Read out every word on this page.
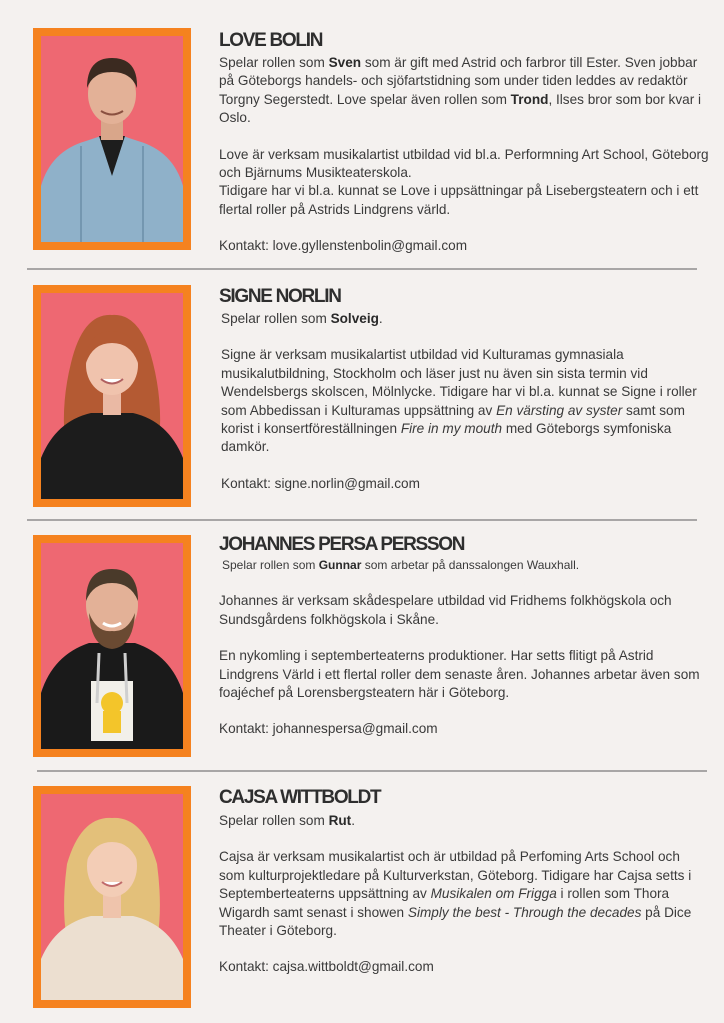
LOVE BOLIN

Spelar rollen som Sven som är gift med Astrid och farbror till Ester. Sven jobbar på Göteborgs handels- och sjöfartstidning som under tiden leddes av redaktör Torgny Segerstedt. Love spelar även rollen som Trond, Ilses bror som bor kvar i Oslo.

Love är verksam musikalartist utbildad vid bl.a. Performning Art School, Göteborg och Bjärnums Musikteaterskola.
Tidigare har vi bl.a. kunnat se Love i uppsättningar på Lisebergsteatern och i ett flertal roller på Astrids Lindgrens värld.

Kontakt: love.gyllenstenbolin@gmail.com

SIGNE NORLIN

Spelar rollen som Solveig.

Signe är verksam musikalartist utbildad vid Kulturamas gymnasiala musikalutbildning, Stockholm och läser just nu även sin sista termin vid Wendelsbergs skolscen, Mölnlycke. Tidigare har vi bl.a. kunnat se Signe i roller som Abbedissan i Kulturamas uppsättning av En värsting av syster samt som korist i konsertföreställningen Fire in my mouth med Göteborgs symfoniska damkör.

Kontakt: signe.norlin@gmail.com

JOHANNES PERSA PERSSON

Spelar rollen som Gunnar som arbetar på danssalongen Wauxhall.

Johannes är verksam skådespelare utbildad vid Fridhems folkhögskola och Sundsgårdens folkhögskola i Skåne.

En nykomling i septemberteaterns produktioner. Har setts flitigt på Astrid Lindgrens Värld i ett flertal roller dem senaste åren. Johannes arbetar även som foajéchef på Lorensbergsteatern här i Göteborg.

Kontakt: johannespersa@gmail.com

CAJSA WITTBOLDT

Spelar rollen som Rut.

Cajsa är verksam musikalartist och är utbildad på Perfoming Arts School och som kulturprojektledare på Kulturverkstan, Göteborg. Tidigare har Cajsa setts i Septemberteaterns uppsättning av Musikalen om Frigga i rollen som Thora Wigardh samt senast i showen Simply the best - Through the decades på Dice Theater i Göteborg.

Kontakt: cajsa.wittboldt@gmail.com
